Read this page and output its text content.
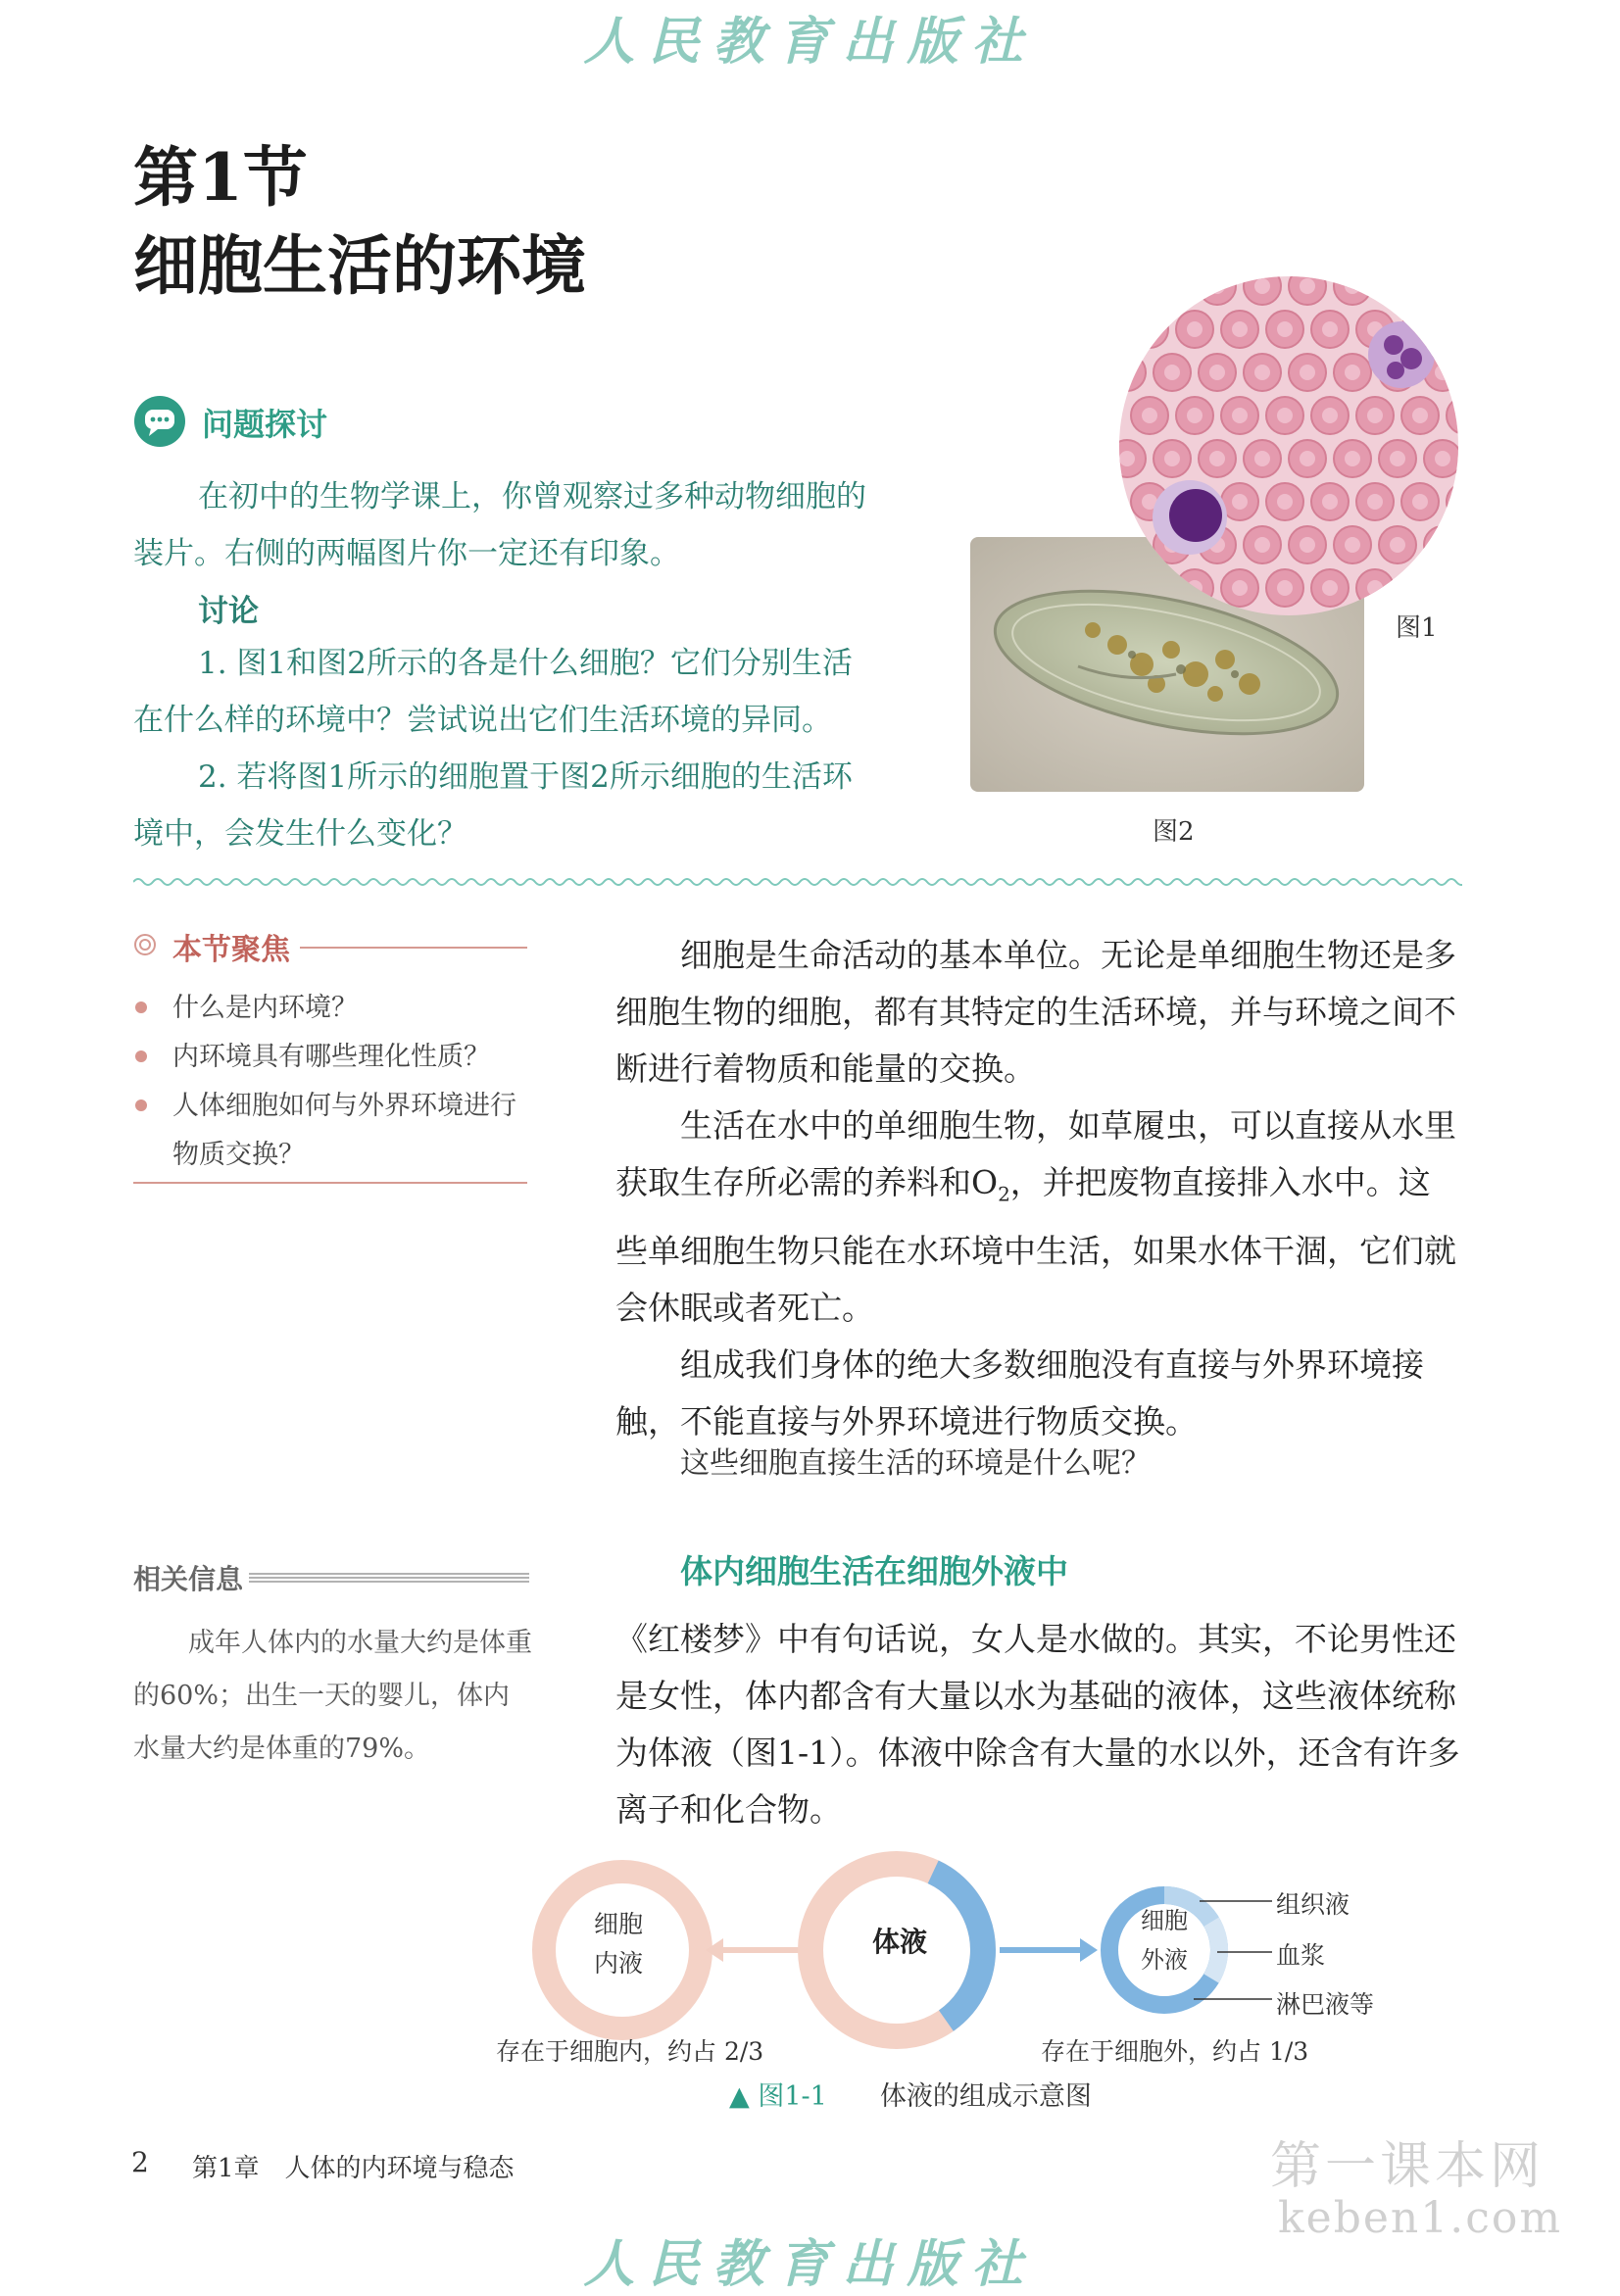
人民教育出版社
第1节
细胞生活的环境
问题探讨
在初中的生物学课上，你曾观察过多种动物细胞的
装片。右侧的两幅图片你一定还有印象。
讨论
1. 图1和图2所示的各是什么细胞？它们分别生活
在什么样的环境中？尝试说出它们生活环境的异同。
2. 若将图1所示的细胞置于图2所示细胞的生活环
境中，会发生什么变化？
图1
图2
本节聚焦
什么是内环境？
内环境具有哪些理化性质？
人体细胞如何与外界环境进行
物质交换？

细胞是生命活动的基本单位。无论是单细胞生物还是多细胞生物的细胞，都有其特定的生活环境，并与环境之间不断进行着物质和能量的交换。

生活在水中的单细胞生物，如草履虫，可以直接从水里获取生存所必需的养料和$O_2$，并把废物直接排入水中。这些单细胞生物只能在水环境中生活，如果水体干涸，它们就会休眠或者死亡。

组成我们身体的绝大多数细胞没有直接与外界环境接触，不能直接与外界环境进行物质交换。

这些细胞直接生活的环境是什么呢？
体内细胞生活在细胞外液中

《红楼梦》中有句话说，女人是水做的。其实，不论男性还是女性，体内都含有大量以水为基础的液体，这些液体统称为体液（图1-1）。体液中除含有大量的水以外，还含有许多离子和化合物。

相关信息
成年人体内的水量大约是体重的60%；出生一天的婴儿，体内水量大约是体重的79%。
细胞
内液
体液
细胞
外液
组织液
血浆
淋巴液等
存在于细胞内，约占 2/3	存在于细胞外，约占 1/3
▲ 图1-1　　 体液的组成示意图
2 第1章　人体的内环境与稳态	第一课本网
keben1.com
人民教育出版社
